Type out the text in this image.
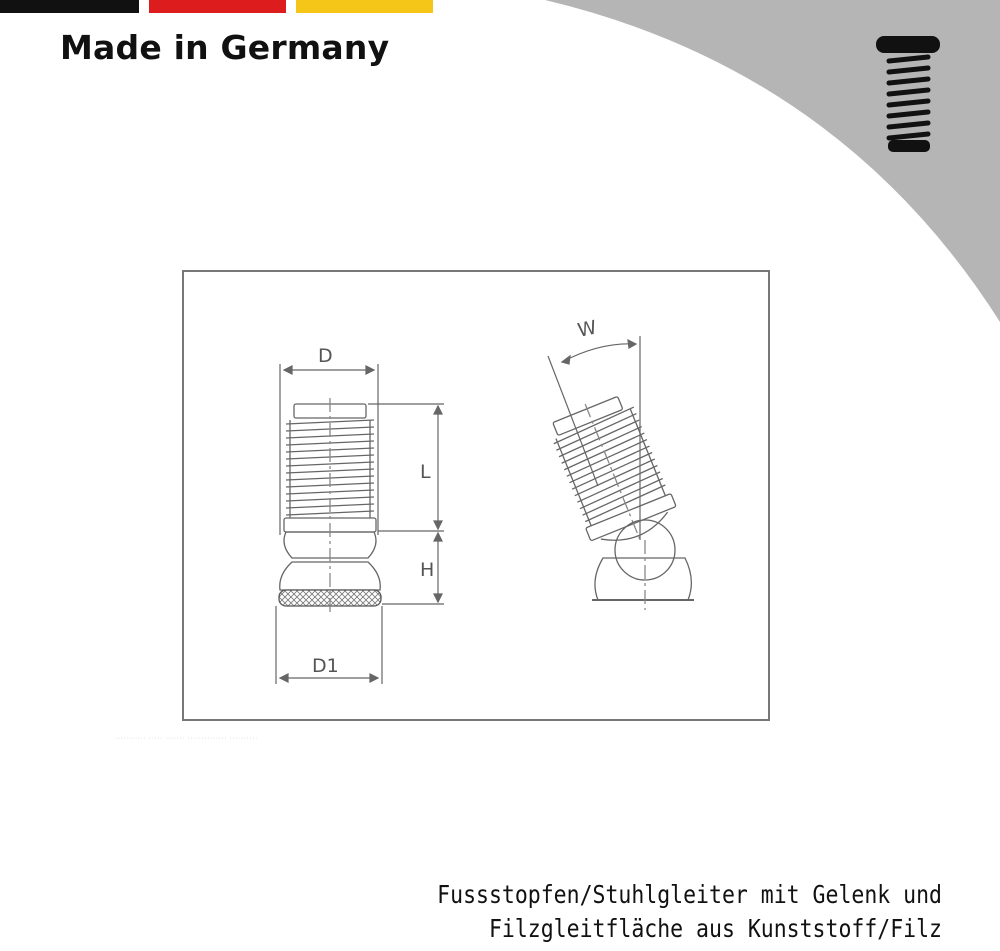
Made in Germany
D
D1
L
H
W
··········· ····· ······· ·············· ··········
Fussstopfen/Stuhlgleiter mit Gelenk und
Filzgleitfläche aus Kunststoff/Filz
